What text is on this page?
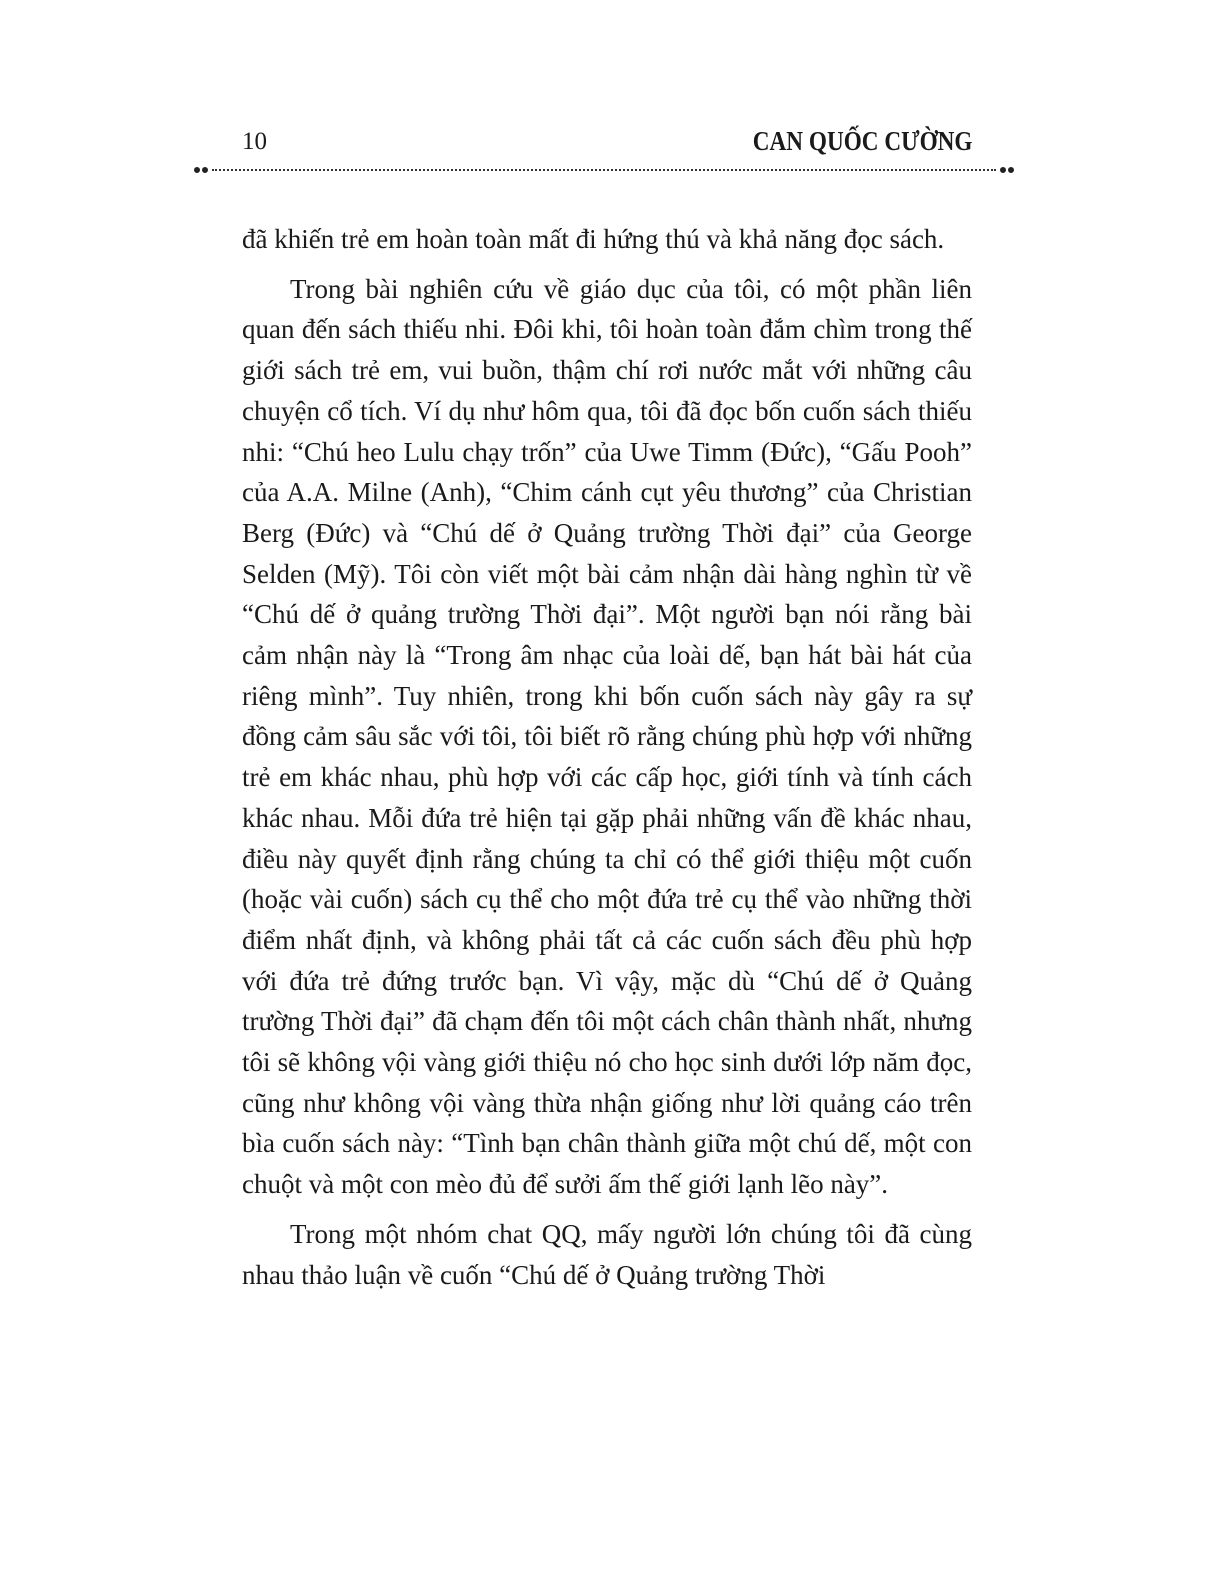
10	CAN QUỐC CƯỜNG

đã khiến trẻ em hoàn toàn mất đi hứng thú và khả năng đọc sách.

Trong bài nghiên cứu về giáo dục của tôi, có một phần liên quan đến sách thiếu nhi. Đôi khi, tôi hoàn toàn đắm chìm trong thế giới sách trẻ em, vui buồn, thậm chí rơi nước mắt với những câu chuyện cổ tích. Ví dụ như hôm qua, tôi đã đọc bốn cuốn sách thiếu nhi: “Chú heo Lulu chạy trốn” của Uwe Timm (Đức), “Gấu Pooh” của A.A. Milne (Anh), “Chim cánh cụt yêu thương” của Christian Berg (Đức) và “Chú dế ở Quảng trường Thời đại” của George Selden (Mỹ). Tôi còn viết một bài cảm nhận dài hàng nghìn từ về “Chú dế ở quảng trường Thời đại”. Một người bạn nói rằng bài cảm nhận này là “Trong âm nhạc của loài dế, bạn hát bài hát của riêng mình”. Tuy nhiên, trong khi bốn cuốn sách này gây ra sự đồng cảm sâu sắc với tôi, tôi biết rõ rằng chúng phù hợp với những trẻ em khác nhau, phù hợp với các cấp học, giới tính và tính cách khác nhau. Mỗi đứa trẻ hiện tại gặp phải những vấn đề khác nhau, điều này quyết định rằng chúng ta chỉ có thể giới thiệu một cuốn (hoặc vài cuốn) sách cụ thể cho một đứa trẻ cụ thể vào những thời điểm nhất định, và không phải tất cả các cuốn sách đều phù hợp với đứa trẻ đứng trước bạn. Vì vậy, mặc dù “Chú dế ở Quảng trường Thời đại” đã chạm đến tôi một cách chân thành nhất, nhưng tôi sẽ không vội vàng giới thiệu nó cho học sinh dưới lớp năm đọc, cũng như không vội vàng thừa nhận giống như lời quảng cáo trên bìa cuốn sách này: “Tình bạn chân thành giữa một chú dế, một con chuột và một con mèo đủ để sưởi ấm thế giới lạnh lẽo này”.

Trong một nhóm chat QQ, mấy người lớn chúng tôi đã cùng nhau thảo luận về cuốn “Chú dế ở Quảng trường Thời
